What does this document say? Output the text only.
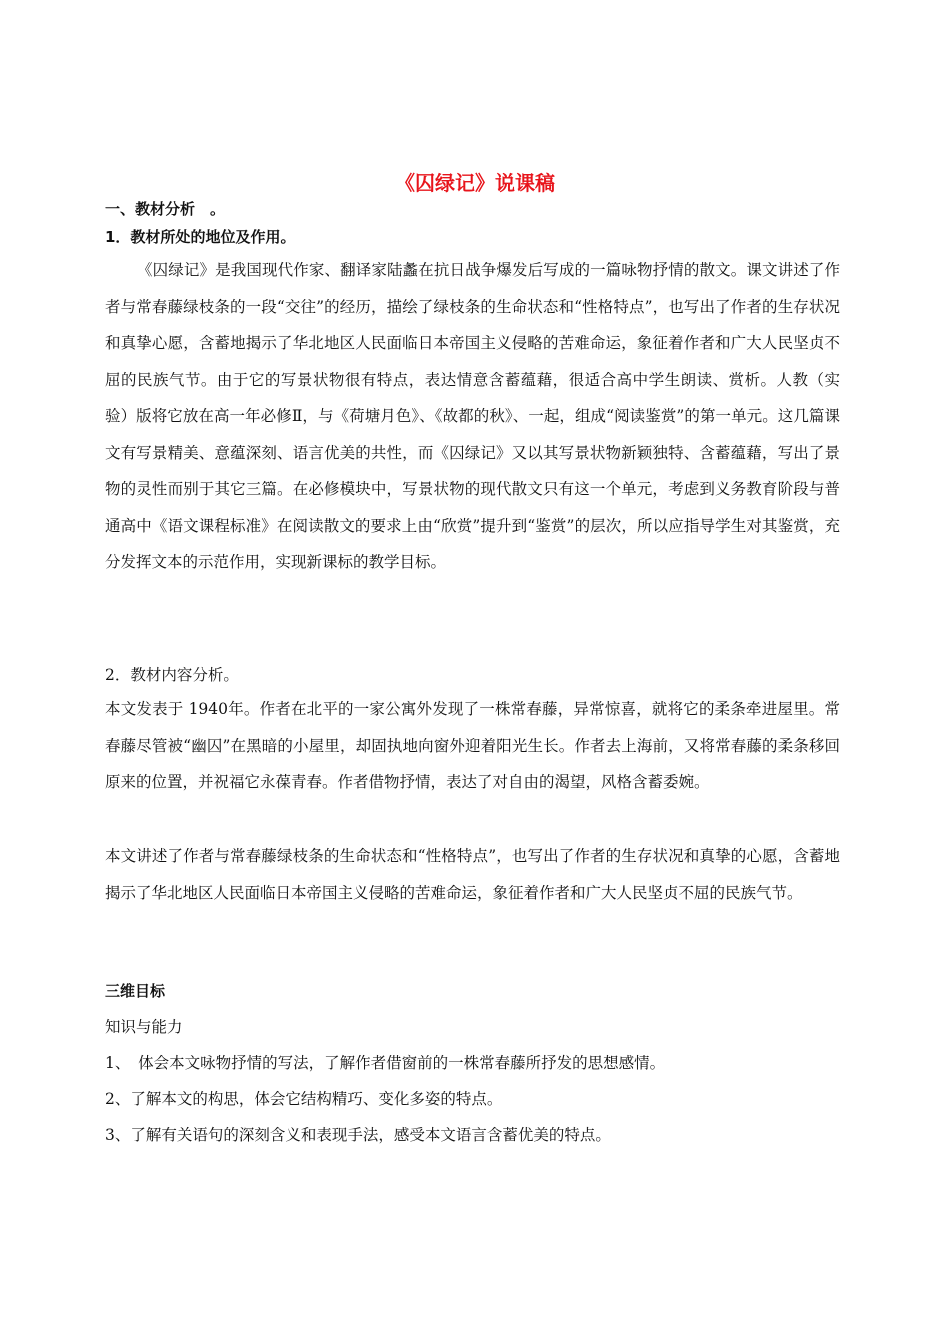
《囚绿记》说课稿
一、教材分析　。
1．教材所处的地位及作用。
《囚绿记》是我国现代作家、翻译家陆蠡在抗日战争爆发后写成的一篇咏物抒情的散文。课文讲述了作者与常春藤绿枝条的一段“交往”的经历，描绘了绿枝条的生命状态和“性格特点”，也写出了作者的生存状况和真挚心愿，含蓄地揭示了华北地区人民面临日本帝国主义侵略的苦难命运，象征着作者和广大人民坚贞不屈的民族气节。由于它的写景状物很有特点，表达情意含蓄蕴藉，很适合高中学生朗读、赏析。人教（实验）版将它放在高一年必修Ⅱ，与《荷塘月色》、《故都的秋》、一起，组成“阅读鉴赏”的第一单元。这几篇课文有写景精美、意蕴深刻、语言优美的共性，而《囚绿记》又以其写景状物新颖独特、含蓄蕴藉，写出了景物的灵性而别于其它三篇。在必修模块中，写景状物的现代散文只有这一个单元，考虑到义务教育阶段与普通高中《语文课程标准》在阅读散文的要求上由“欣赏”提升到“鉴赏”的层次，所以应指导学生对其鉴赏，充分发挥文本的示范作用，实现新课标的教学目标。
2．教材内容分析。
本文发表于 1940年。作者在北平的一家公寓外发现了一株常春藤，异常惊喜，就将它的柔条牵进屋里。常春藤尽管被“幽囚”在黑暗的小屋里，却固执地向窗外迎着阳光生长。作者去上海前，又将常春藤的柔条移回原来的位置，并祝福它永葆青春。作者借物抒情，表达了对自由的渴望，风格含蓄委婉。
本文讲述了作者与常春藤绿枝条的生命状态和“性格特点”，也写出了作者的生存状况和真挚的心愿，含蓄地揭示了华北地区人民面临日本帝国主义侵略的苦难命运，象征着作者和广大人民坚贞不屈的民族气节。
三维目标
知识与能力
1、　体会本文咏物抒情的写法，了解作者借窗前的一株常春藤所抒发的思想感情。
2、了解本文的构思，体会它结构精巧、变化多姿的特点。
3、了解有关语句的深刻含义和表现手法，感受本文语言含蓄优美的特点。
